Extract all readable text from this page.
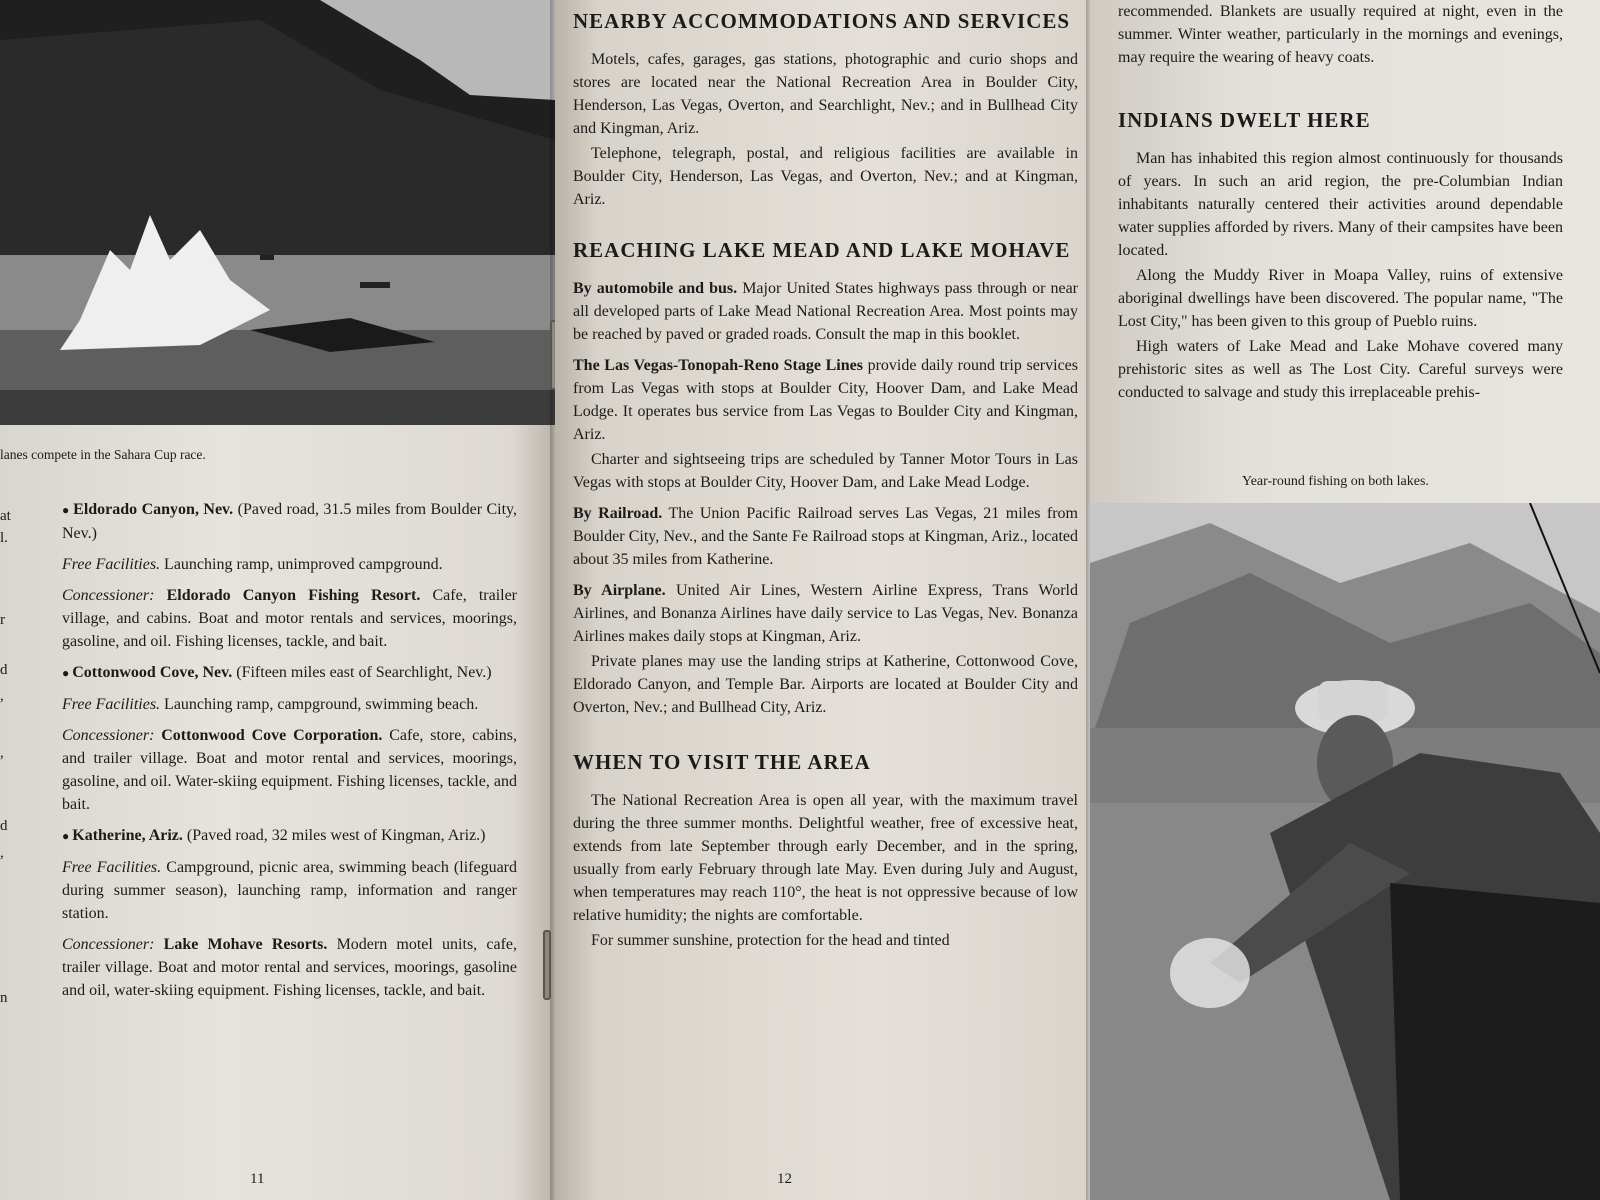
lanes compete in the Sahara Cup race.
at
l.
r
d
,
,
d
,
n

● Eldorado Canyon, Nev. (Paved road, 31.5 miles from Boulder City, Nev.)

Free Facilities. Launching ramp, unimproved campground.

Concessioner: Eldorado Canyon Fishing Resort. Cafe, trailer village, and cabins. Boat and motor rentals and services, moorings, gasoline, and oil. Fishing licenses, tackle, and bait.

● Cottonwood Cove, Nev. (Fifteen miles east of Searchlight, Nev.)

Free Facilities. Launching ramp, campground, swimming beach.

Concessioner: Cottonwood Cove Corporation. Cafe, store, cabins, and trailer village. Boat and motor rental and services, moorings, gasoline, and oil. Water-skiing equipment. Fishing licenses, tackle, and bait.

● Katherine, Ariz. (Paved road, 32 miles west of Kingman, Ariz.)

Free Facilities. Campground, picnic area, swimming beach (lifeguard during summer season), launching ramp, information and ranger station.

Concessioner: Lake Mohave Resorts. Modern motel units, cafe, trailer village. Boat and motor rental and services, moorings, gasoline and oil, water-skiing equipment. Fishing licenses, tackle, and bait.

11
NEARBY ACCOMMODATIONS AND SERVICES

Motels, cafes, garages, gas stations, photographic and curio shops and stores are located near the National Recreation Area in Boulder City, Henderson, Las Vegas, Overton, and Searchlight, Nev.; and in Bullhead City and Kingman, Ariz.

Telephone, telegraph, postal, and religious facilities are available in Boulder City, Henderson, Las Vegas, and Overton, Nev.; and at Kingman, Ariz.

REACHING LAKE MEAD AND LAKE MOHAVE

By automobile and bus. Major United States highways pass through or near all developed parts of Lake Mead National Recreation Area. Most points may be reached by paved or graded roads. Consult the map in this booklet.

The Las Vegas-Tonopah-Reno Stage Lines provide daily round trip services from Las Vegas with stops at Boulder City, Hoover Dam, and Lake Mead Lodge. It operates bus service from Las Vegas to Boulder City and Kingman, Ariz.

Charter and sightseeing trips are scheduled by Tanner Motor Tours in Las Vegas with stops at Boulder City, Hoover Dam, and Lake Mead Lodge.

By Railroad. The Union Pacific Railroad serves Las Vegas, 21 miles from Boulder City, Nev., and the Sante Fe Railroad stops at Kingman, Ariz., located about 35 miles from Katherine.

By Airplane. United Air Lines, Western Airline Express, Trans World Airlines, and Bonanza Airlines have daily service to Las Vegas, Nev. Bonanza Airlines makes daily stops at Kingman, Ariz.

Private planes may use the landing strips at Katherine, Cottonwood Cove, Eldorado Canyon, and Temple Bar. Airports are located at Boulder City and Overton, Nev.; and Bullhead City, Ariz.

WHEN TO VISIT THE AREA

The National Recreation Area is open all year, with the maximum travel during the three summer months. Delightful weather, free of excessive heat, extends from late September through early December, and in the spring, usually from early February through late May. Even during July and August, when temperatures may reach 110°, the heat is not oppressive because of low relative humidity; the nights are comfortable.

For summer sunshine, protection for the head and tinted

12

recommended. Blankets are usually required at night, even in the summer. Winter weather, particularly in the mornings and evenings, may require the wearing of heavy coats.

INDIANS DWELT HERE

Man has inhabited this region almost continuously for thousands of years. In such an arid region, the pre-Columbian Indian inhabitants naturally centered their activities around dependable water supplies afforded by rivers. Many of their campsites have been located.

Along the Muddy River in Moapa Valley, ruins of extensive aboriginal dwellings have been discovered. The popular name, "The Lost City," has been given to this group of Pueblo ruins.

High waters of Lake Mead and Lake Mohave covered many prehistoric sites as well as The Lost City. Careful surveys were conducted to salvage and study this irreplaceable prehis-

Year-round fishing on both lakes.
